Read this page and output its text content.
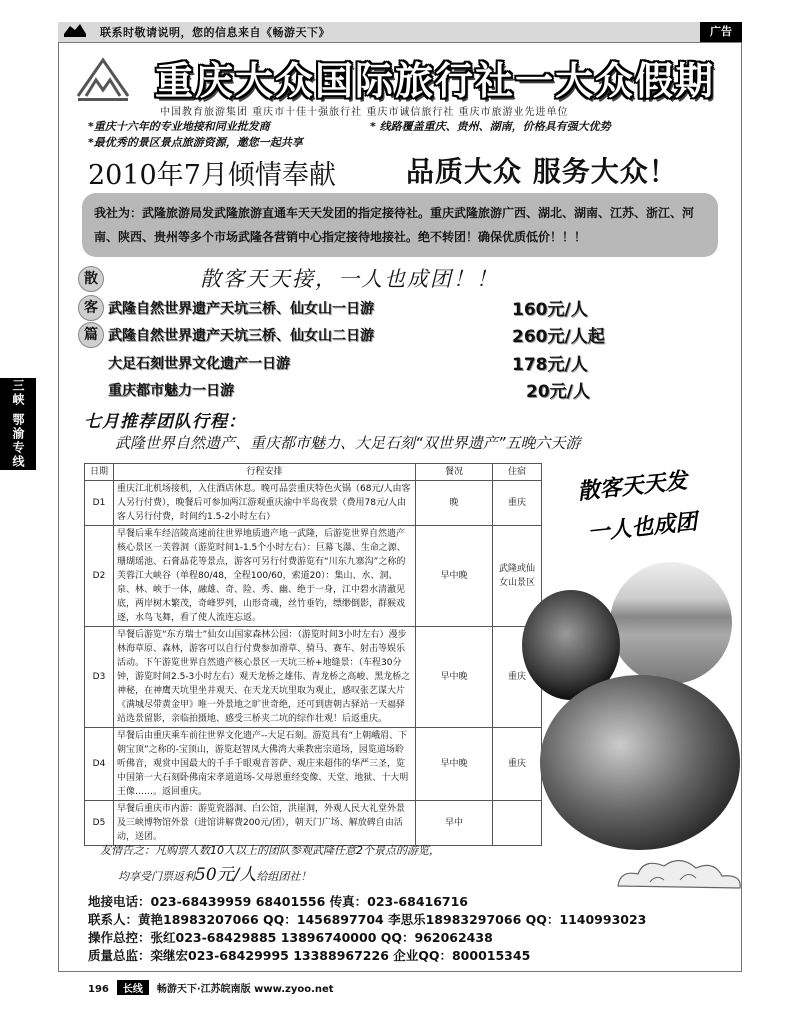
联系时敬请说明，您的信息来自《畅游天下》	广告
重庆大众国际旅行社一大众假期
中国教育旅游集团 重庆市十佳十强旅行社 重庆市诚信旅行社 重庆市旅游业先进单位
*重庆十六年的专业地接和同业批发商	* 线路覆盖重庆、贵州、湖南，价格具有强大优势
*最优秀的景区景点旅游资源，邀您一起共享
2010年7月倾情奉献	品质大众 服务大众！
我社为：武隆旅游局发武隆旅游直通车天天发团的指定接待社。重庆武隆旅游广西、湖北、湖南、江苏、浙江、河南、陕西、贵州等多个市场武隆各营销中心指定接待地接社。绝不转团！确保优质低价！！！
散
客
篇
散客天天接，一人也成团！！
武隆自然世界遗产天坑三桥、仙女山一日游	160元/人
武隆自然世界遗产天坑三桥、仙女山二日游	260元/人起
大足石刻世界文化遗产一日游	178元/人
重庆都市魅力一日游	20元/人
三峡 鄂渝专线	七月推荐团队行程：
武隆世界自然遗产、重庆都市魅力、大足石刻“双世界遗产”五晚六天游
日期	行程安排	餐况	住宿
D1	重庆江北机场接机，入住酒店休息。晚可品尝重庆特色火锅（68元/人由客人另行付费），晚餐后可参加两江游观重庆渝中半岛夜景（费用78元/人由客人另行付费，时间约1.5-2小时左右）	晚	重庆
D2	早餐后乘车经涪陵高速前往世界地质遗产地一武隆，后游览世界自然遗产核心景区一芙蓉洞（游览时间1-1.5个小时左右）：巨幕飞瀑、生命之源、珊瑚瑶池、石膏晶花等景点，游客可另行付费游览有“川东九寨沟”之称的芙蓉江大峡谷（单程80/48，全程100/60，索道20）：集山、水、洞、泉、林、峡于一体，融雄、奇、险、秀、幽、绝于一身，江中碧水清澈见底，两岸树木繁茂，奇峰罗列，山形奇魂，丝竹垂钓，缥缈倒影，群猴戏逐，水鸟飞舞，看了使人流连忘返。	早中晚	武隆或仙女山景区
D3	早餐后游览“东方瑞士”仙女山国家森林公园：（游览时间3小时左右）漫步林海草原、森林，游客可以自行付费参加滑草、骑马、赛车、射击等娱乐活动。下午游览世界自然遗产核心景区一天坑三桥+地缝景：（车程30分钟，游览时间2.5-3小时左右）观天龙桥之雄伟、青龙桥之高峻、黑龙桥之神秘，在神鹰天坑里坐井观天、在天龙天坑里取为观止，感叹张艺谋大片《满城尽带黄金甲》唯一外景地之旷世奇绝，还可到唐朝古驿站一天福驿站选景留影，亲临拍摄地、感受三桥夹二坑的综作壮观！后返重庆。	早中晚	重庆
D4	早餐后由重庆乘车前往世界文化遗产--大足石刻。游览具有“上朝峨眉、下朝宝顶”之称的-宝顶山，游览赵智凤大佛湾大乘教密宗道场，园览道场聆听佛音，观赏中国最大的千手千眼观音菩萨、观庄来超伟的华严三圣，览中国第一大石刻卧佛南宋孝道道场-父母恩重经变像、天堂、地狱、十大明王像……。返回重庆。	早中晚	重庆
D5	早餐后重庆市内游：游览瓷器洞、白公馆，洪崖洞，外观人民大礼堂外景及三峡博物馆外景（进馆讲解费200元/团），朝天门广场、解放碑自由活动，送团。	早中	
散客天天发
一人也成团
友情告之：凡购票人数10人以上的团队参观武隆任意2个景点的游览，
均享受门票返利50元/人给组团社！
地接电话：023-68439959 68401556 传真：023-68416716
联系人：黄艳18983207066 QQ：1456897704 李思乐18983297066 QQ：1140993023
操作总控：张红023-68429885 13896740000 QQ：962062438
质量总监：栾继宏023-68429995 13388967226 企业QQ：800015345
196 长线 畅游天下·江苏皖南版 www.zyoo.net
